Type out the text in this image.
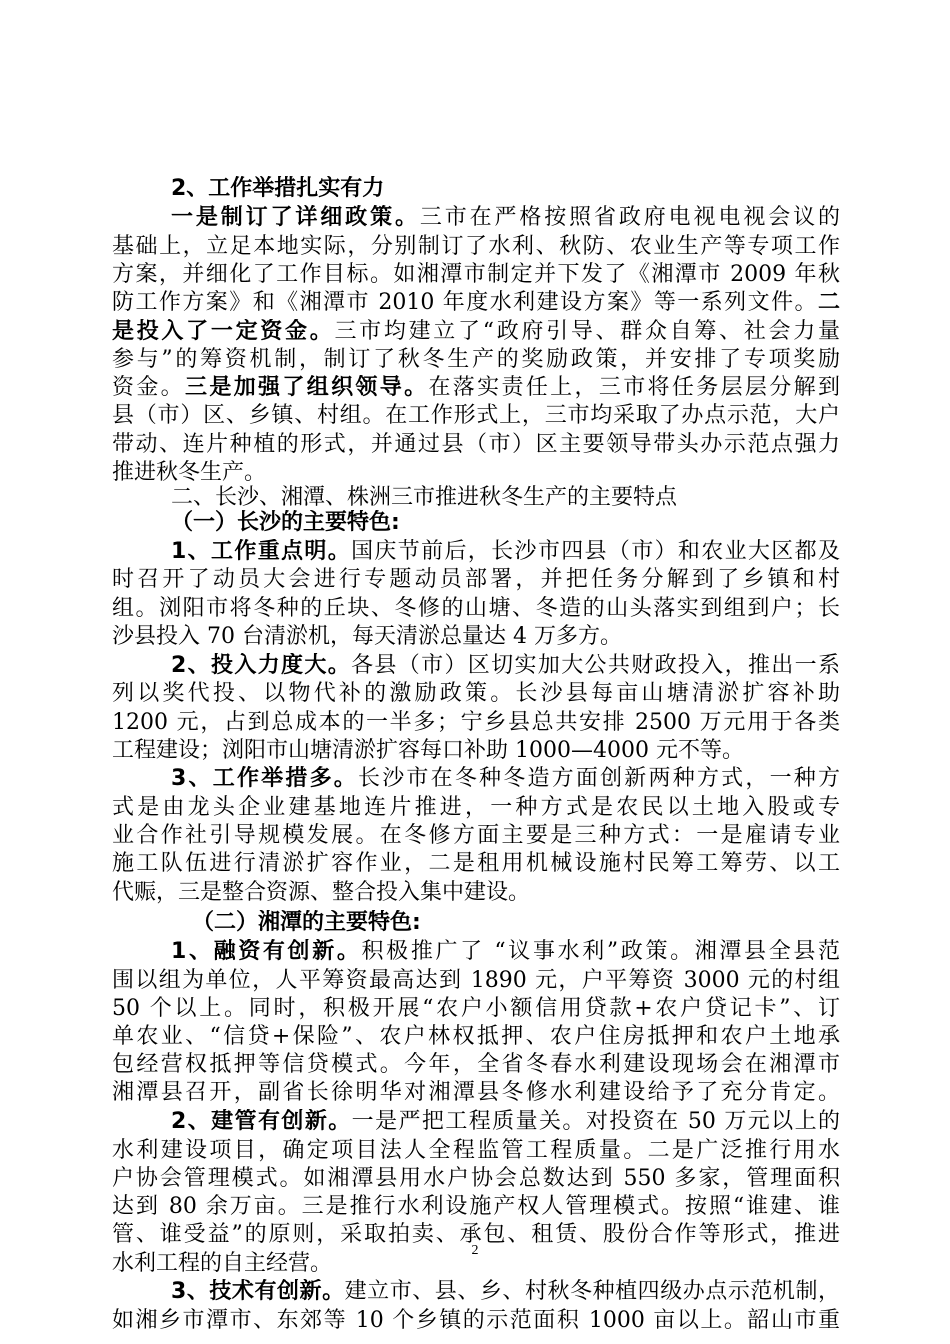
2、工作举措扎实有力
一是制订了详细政策。三市在严格按照省政府电视电视会议的
基础上，立足本地实际，分别制订了水利、秋防、农业生产等专项工作
方案，并细化了工作目标。如湘潭市制定并下发了《湘潭市 2009 年秋
防工作方案》和《湘潭市 2010 年度水利建设方案》等一系列文件。二
是投入了一定资金。三市均建立了“政府引导、群众自筹、社会力量
参与”的筹资机制，制订了秋冬生产的奖励政策，并安排了专项奖励
资金。三是加强了组织领导。在落实责任上，三市将任务层层分解到
县（市）区、乡镇、村组。在工作形式上，三市均采取了办点示范，大户
带动、连片种植的形式，并通过县（市）区主要领导带头办示范点强力
推进秋冬生产。
二、长沙、湘潭、株洲三市推进秋冬生产的主要特点
（一）长沙的主要特色:
1、工作重点明。国庆节前后，长沙市四县（市）和农业大区都及
时召开了动员大会进行专题动员部署，并把任务分解到了乡镇和村
组。浏阳市将冬种的丘块、冬修的山塘、冬造的山头落实到组到户；长
沙县投入 70 台清淤机，每天清淤总量达 4 万多方。
2、投入力度大。各县（市）区切实加大公共财政投入，推出一系
列以奖代投、以物代补的激励政策。长沙县每亩山塘清淤扩容补助
1200 元，占到总成本的一半多；宁乡县总共安排 2500 万元用于各类
工程建设；浏阳市山塘清淤扩容每口补助 1000—4000 元不等。
3、工作举措多。长沙市在冬种冬造方面创新两种方式，一种方
式是由龙头企业建基地连片推进，一种方式是农民以土地入股或专
业合作社引导规模发展。在冬修方面主要是三种方式：一是雇请专业
施工队伍进行清淤扩容作业，二是租用机械设施村民筹工筹劳、以工
代赈，三是整合资源、整合投入集中建设。
（二）湘潭的主要特色:
1、融资有创新。积极推广了 “议事水利”政策。湘潭县全县范
围以组为单位，人平筹资最高达到 1890 元，户平筹资 3000 元的村组
50 个以上。同时，积极开展“农户小额信用贷款+农户贷记卡”、订
单农业、“信贷+保险”、农户林权抵押、农户住房抵押和农户土地承
包经营权抵押等信贷模式。今年，全省冬春水利建设现场会在湘潭市
湘潭县召开，副省长徐明华对湘潭县冬修水利建设给予了充分肯定。
2、建管有创新。一是严把工程质量关。对投资在 50 万元以上的
水利建设项目，确定项目法人全程监管工程质量。二是广泛推行用水
户协会管理模式。如湘潭县用水户协会总数达到 550 多家，管理面积
达到 80 余万亩。三是推行水利设施产权人管理模式。按照“谁建、谁
管、谁受益”的原则，采取拍卖、承包、租赁、股份合作等形式，推进
水利工程的自主经营。
3、技术有创新。建立市、县、乡、村秋冬种植四级办点示范机制，
如湘乡市潭市、东郊等 10 个乡镇的示范面积 1000 亩以上。韶山市重
2
